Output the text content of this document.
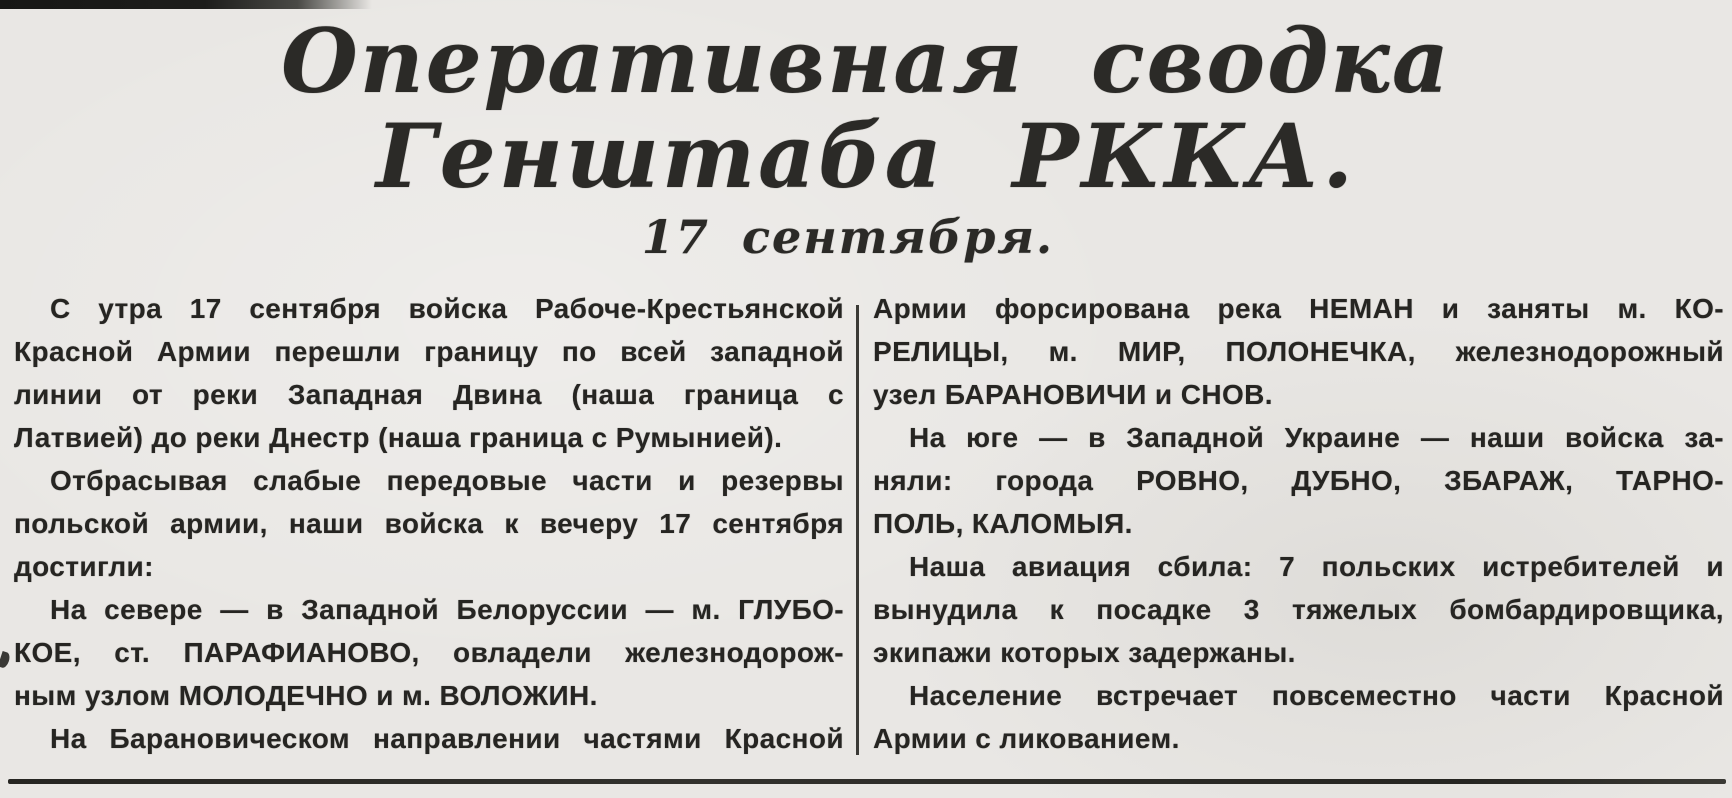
Оперативная сводка
Генштаба РККА.
17 сентября.

С утра 17 сентября войска Рабоче-Крестьянской

Красной Армии перешли границу по всей западной

линии от реки Западная Двина (наша граница с

Латвией) до реки Днестр (наша граница с Румынией).

Отбрасывая слабые передовые части и резервы

польской армии, наши войска к вечеру 17 сентября

достигли:

На севере — в Западной Белоруссии — м. ГЛУБО-

КОЕ, ст. ПАРАФИАНОВО, овладели железнодорож-

ным узлом МОЛОДЕЧНО и м. ВОЛОЖИН.

На Барановическом направлении частями Красной

Армии форсирована река НЕМАН и заняты м. КО-

РЕЛИЦЫ, м. МИР, ПОЛОНЕЧКА, железнодорожный

узел БАРАНОВИЧИ и СНОВ.

На юге — в Западной Украине — наши войска за-

няли: города РОВНО, ДУБНО, ЗБАРАЖ, ТАРНО-

ПОЛЬ, КАЛОМЫЯ.

Наша авиация сбила: 7 польских истребителей и

вынудила к посадке 3 тяжелых бомбардировщика,

экипажи которых задержаны.

Население встречает повсеместно части Красной

Армии с ликованием.
